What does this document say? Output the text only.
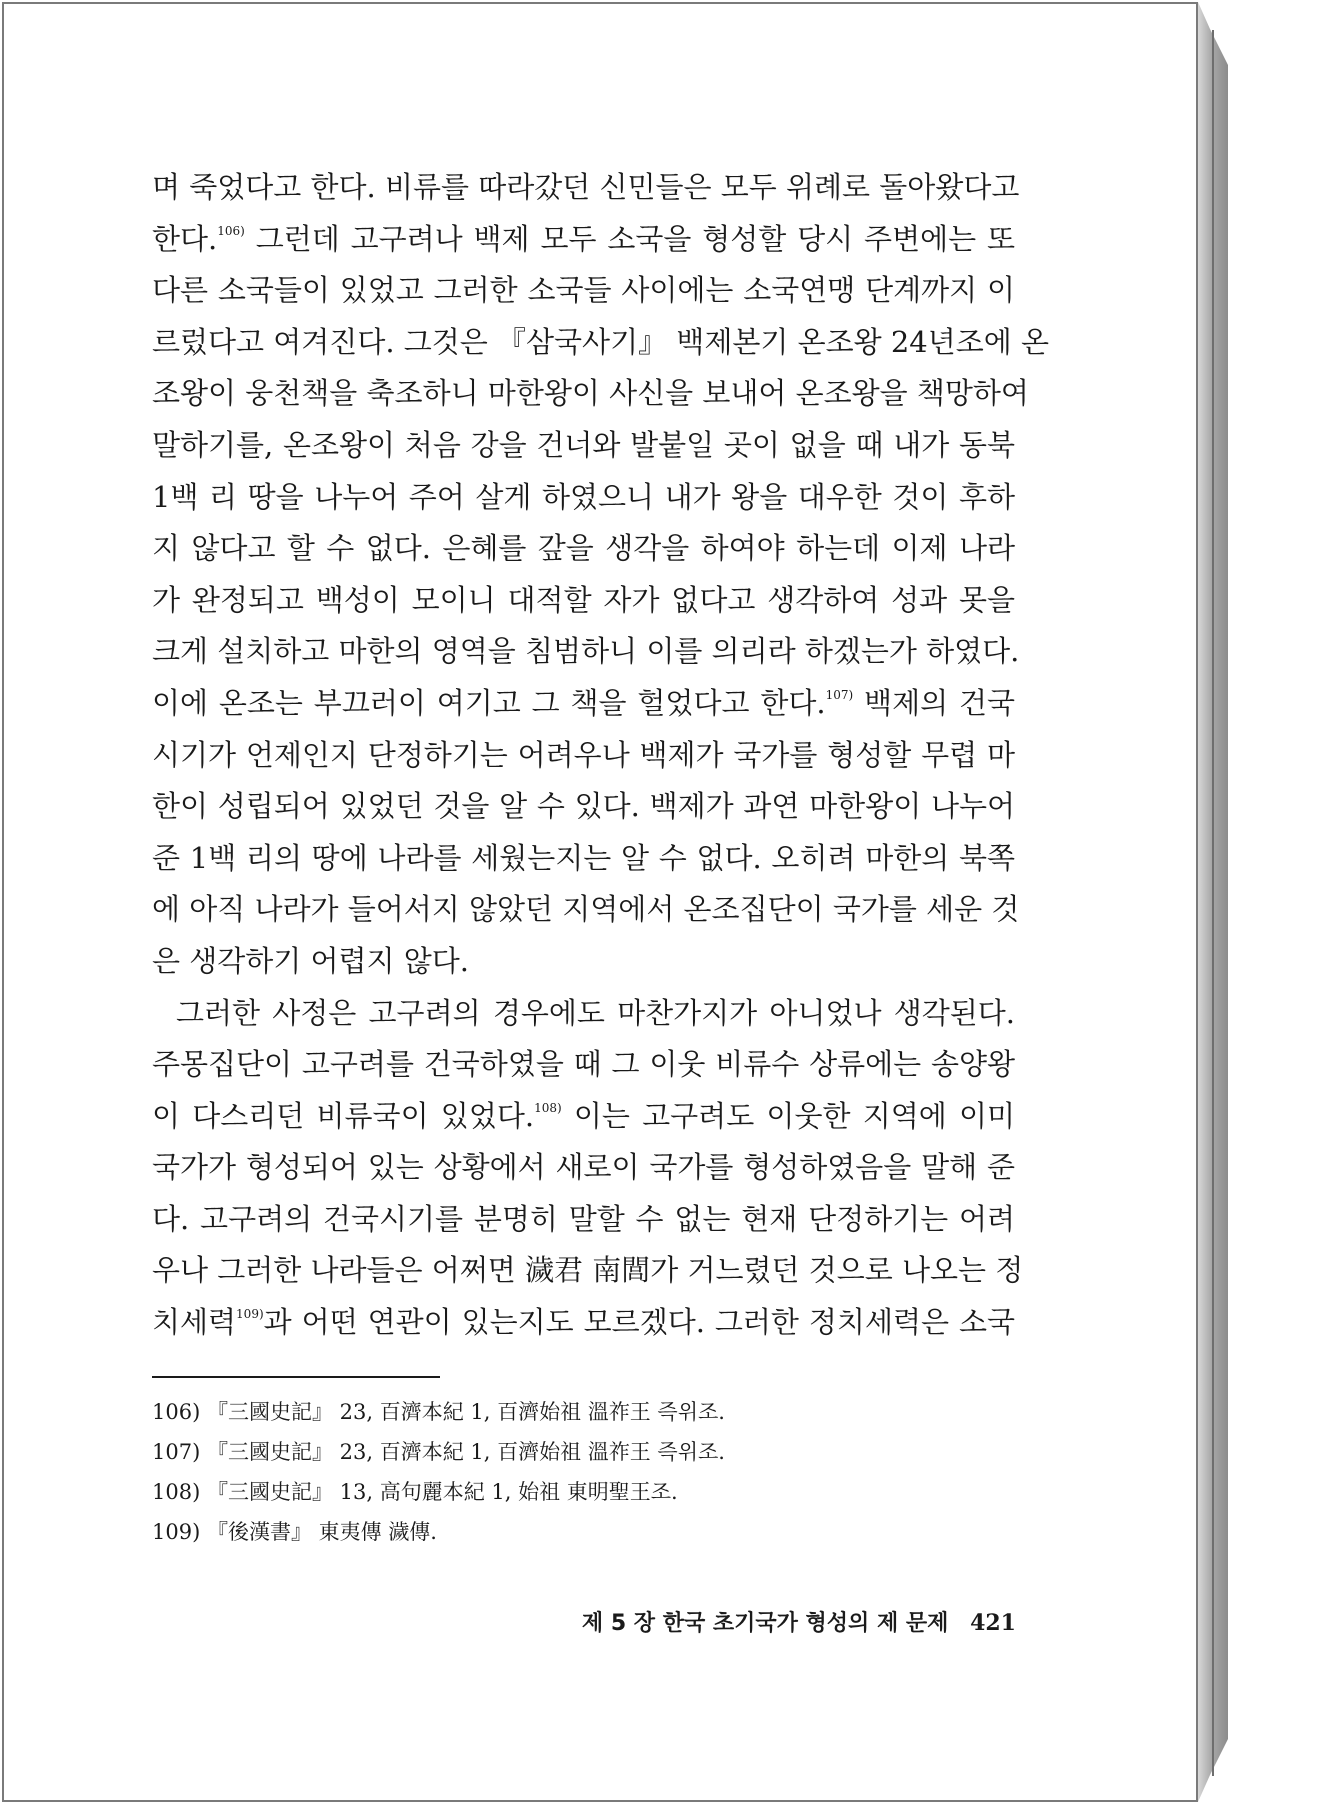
며 죽었다고 한다. 비류를 따라갔던 신민들은 모두 위례로 돌아왔다고
한다.$^{106)}$ 그런데 고구려나 백제 모두 소국을 형성할 당시 주변에는 또
다른 소국들이 있었고 그러한 소국들 사이에는 소국연맹 단계까지 이
르렀다고 여겨진다. 그것은 『삼국사기』 백제본기 온조왕 24년조에 온
조왕이 웅천책을 축조하니 마한왕이 사신을 보내어 온조왕을 책망하여
말하기를, 온조왕이 처음 강을 건너와 발붙일 곳이 없을 때 내가 동북
1백 리 땅을 나누어 주어 살게 하였으니 내가 왕을 대우한 것이 후하
지 않다고 할 수 없다. 은혜를 갚을 생각을 하여야 하는데 이제 나라
가 완정되고 백성이 모이니 대적할 자가 없다고 생각하여 성과 못을
크게 설치하고 마한의 영역을 침범하니 이를 의리라 하겠는가 하였다.
이에 온조는 부끄러이 여기고 그 책을 헐었다고 한다.$^{107)}$ 백제의 건국
시기가 언제인지 단정하기는 어려우나 백제가 국가를 형성할 무렵 마
한이 성립되어 있었던 것을 알 수 있다. 백제가 과연 마한왕이 나누어
준 1백 리의 땅에 나라를 세웠는지는 알 수 없다. 오히려 마한의 북쪽
에 아직 나라가 들어서지 않았던 지역에서 온조집단이 국가를 세운 것
은 생각하기 어렵지 않다.
그러한 사정은 고구려의 경우에도 마찬가지가 아니었나 생각된다.
주몽집단이 고구려를 건국하였을 때 그 이웃 비류수 상류에는 송양왕
이 다스리던 비류국이 있었다.$^{108)}$ 이는 고구려도 이웃한 지역에 이미
국가가 형성되어 있는 상황에서 새로이 국가를 형성하였음을 말해 준
다. 고구려의 건국시기를 분명히 말할 수 없는 현재 단정하기는 어려
우나 그러한 나라들은 어쩌면 濊君 南閭가 거느렸던 것으로 나오는 정
치세력$^{109)}$과 어떤 연관이 있는지도 모르겠다. 그러한 정치세력은 소국
106) 『三國史記』 23, 百濟本紀 1, 百濟始祖 溫祚王 즉위조.
107) 『三國史記』 23, 百濟本紀 1, 百濟始祖 溫祚王 즉위조.
108) 『三國史記』 13, 高句麗本紀 1, 始祖 東明聖王조.
109) 『後漢書』 東夷傳 濊傳.
제 5 장 한국 초기국가 형성의 제 문제 421
